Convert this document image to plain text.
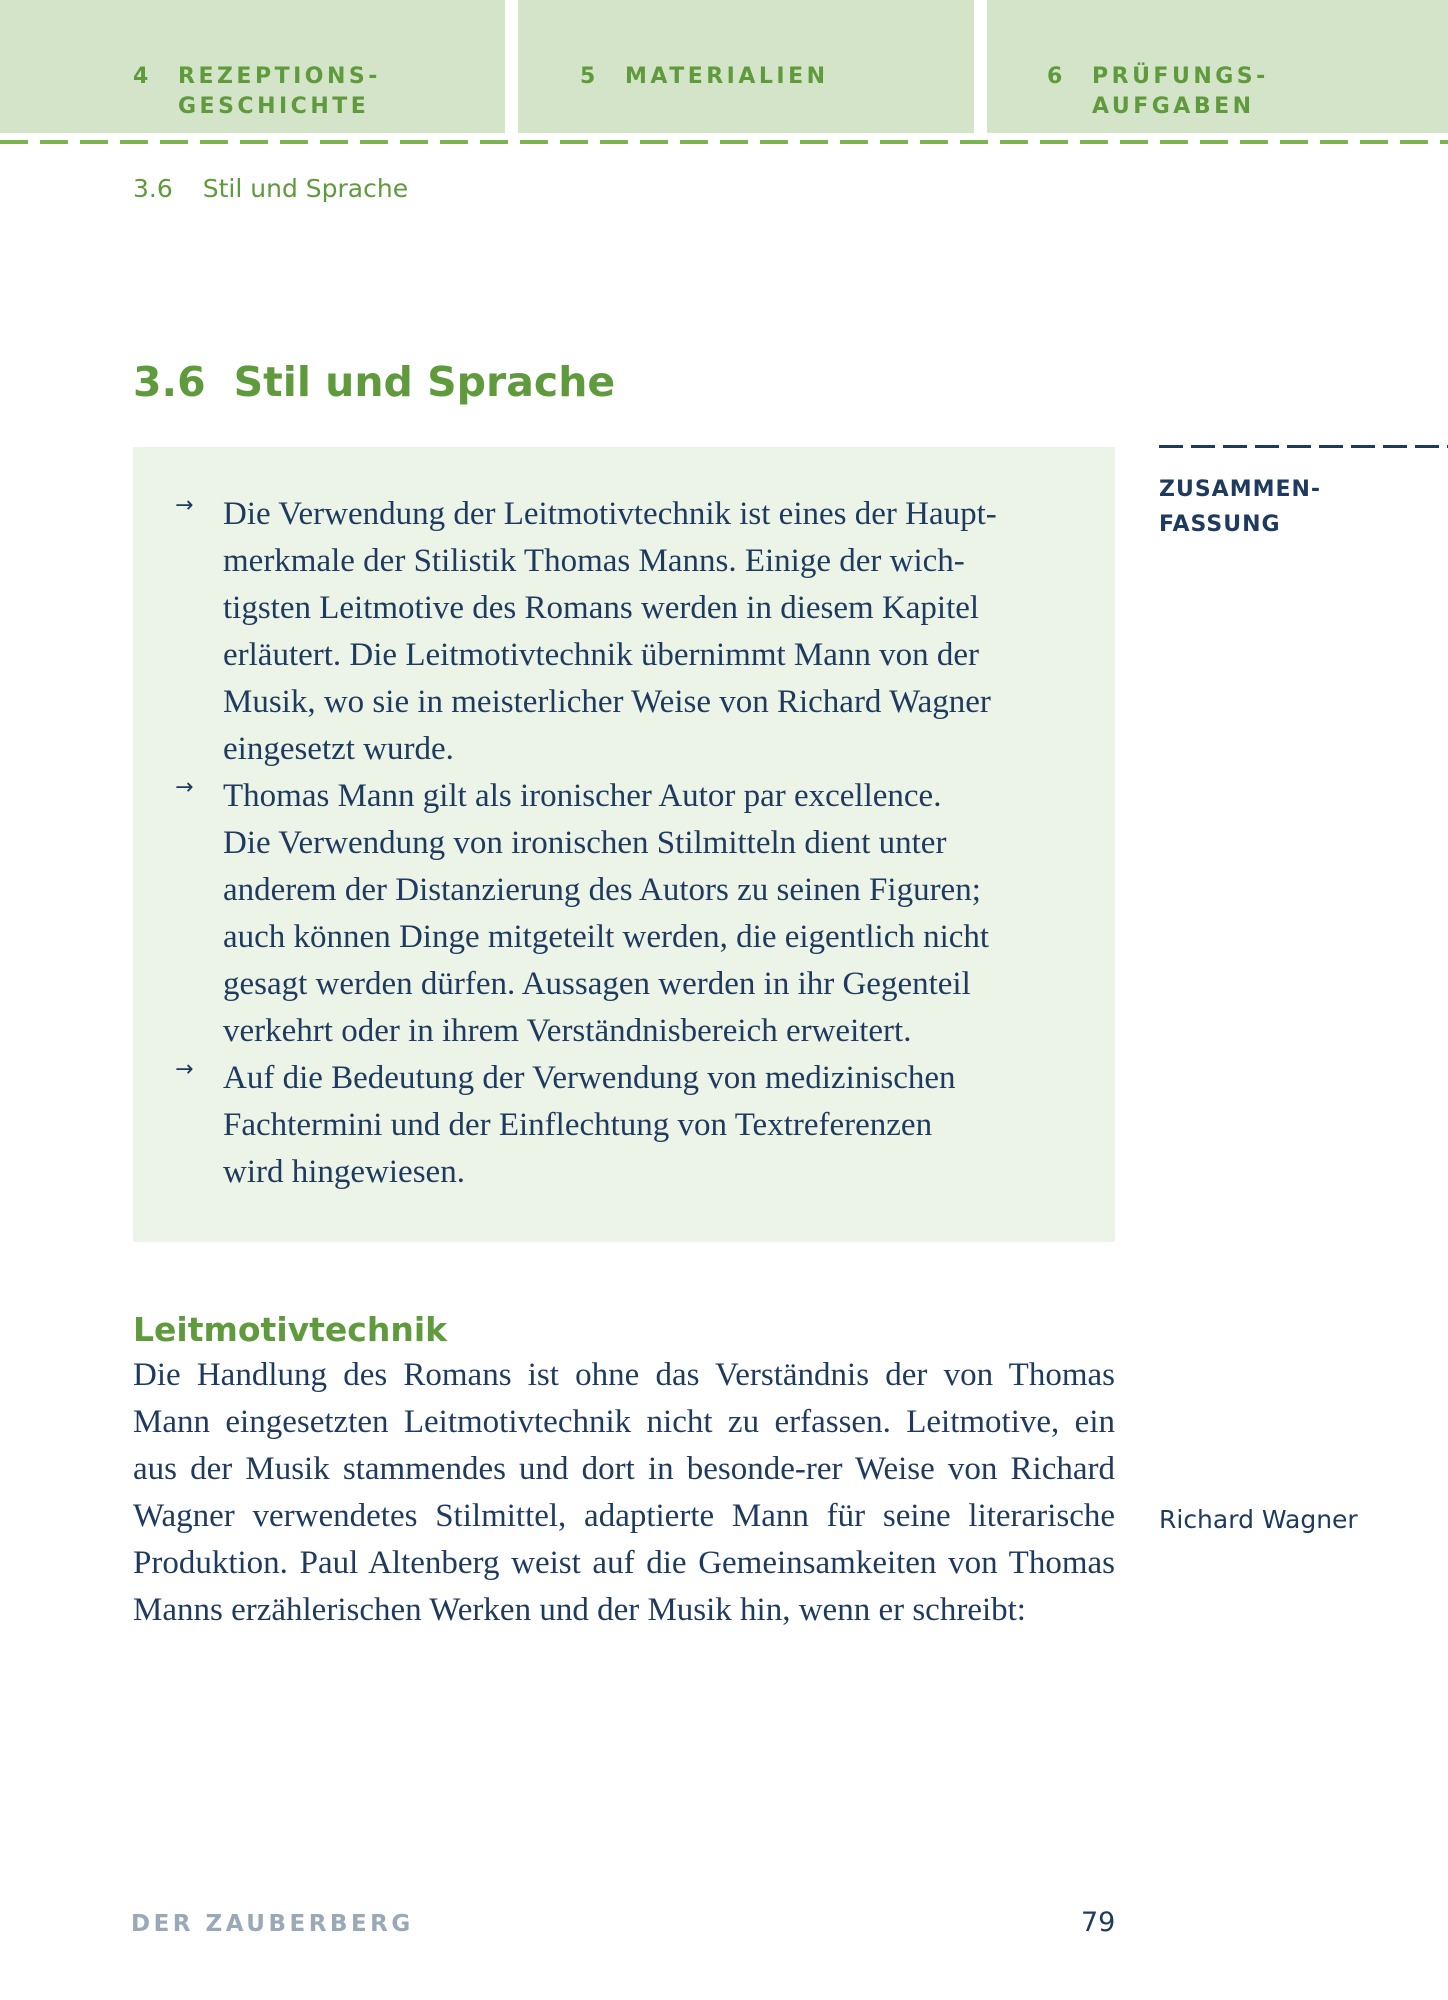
4 REZEPTIONS-
GESCHICHTE
5 MATERIALIEN	6 PRÜFUNGS-
AUFGABEN
3.6 Stil und Sprache
3.6 Stil und Sprache
→ Die Verwendung der Leitmotivtechnik ist eines der Haupt-
merkmale der Stilistik Thomas Manns. Einige der wich-
tigsten Leitmotive des Romans werden in diesem Kapitel
erläutert. Die Leitmotivtechnik übernimmt Mann von der
Musik, wo sie in meisterlicher Weise von Richard Wagner
eingesetzt wurde.
→ Thomas Mann gilt als ironischer Autor par excellence.
Die Verwendung von ironischen Stilmitteln dient unter
anderem der Distanzierung des Autors zu seinen Figuren;
auch können Dinge mitgeteilt werden, die eigentlich nicht
gesagt werden dürfen. Aussagen werden in ihr Gegenteil
verkehrt oder in ihrem Verständnisbereich erweitert.
→ Auf die Bedeutung der Verwendung von medizinischen
Fachtermini und der Einflechtung von Textreferenzen
wird hingewiesen.
ZUSAMMEN-
FASSUNG
Leitmotivtechnik
Die Handlung des Romans ist ohne das Verständnis der von Thomas Mann eingesetzten Leitmotivtechnik nicht zu erfassen. Leitmotive, ein aus der Musik stammendes und dort in besonde-rer Weise von Richard Wagner verwendetes Stilmittel, adaptierte Mann für seine literarische Produktion. Paul Altenberg weist auf die Gemeinsamkeiten von Thomas Manns erzählerischen Werken und der Musik hin, wenn er schreibt:
Richard Wagner
DER ZAUBERBERG	79
